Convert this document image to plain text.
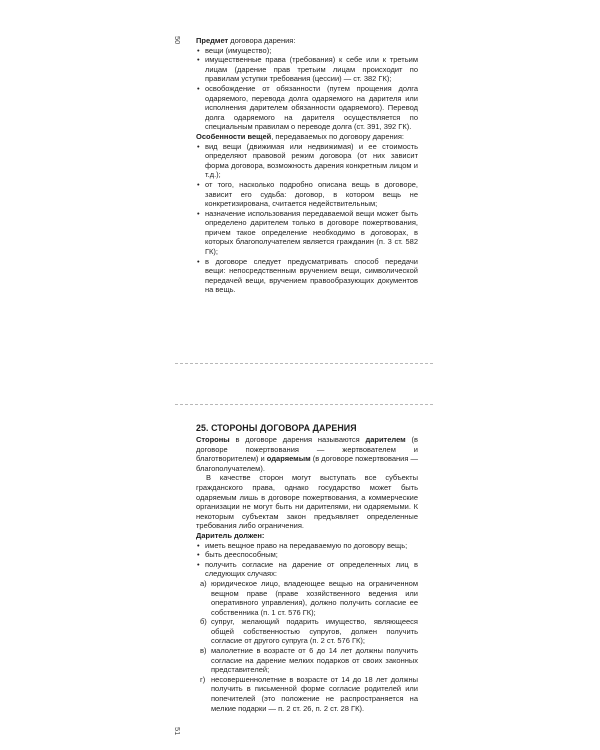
50 Предмет договора дарения:

• вещи (имущество);
• имущественные права (требования) к себе или к третьим лицам (дарение прав третьим лицам происходит по правилам уступки требования (цессии) — ст. 382 ГК);
• освобождение от обязанности (путем прощения долга одаряемого, перевода долга одаряемого на дарителя или исполнения дарителем обязанности одаряемого). Перевод долга одаряемого на дарителя осуществляется по специальным правилам о переводе долга (ст. 391, 392 ГК).

Особенности вещей, передаваемых по договору дарения:

• вид вещи (движимая или недвижимая) и ее стоимость определяют правовой режим договора (от них зависит форма договора, возможность дарения конкретным лицом и т.д.);
• от того, насколько подробно описана вещь в договоре, зависит его судьба: договор, в котором вещь не конкретизирована, считается недействительным;
• назначение использования передаваемой вещи может быть определено дарителем только в договоре пожертвования, причем такое определение необходимо в договорах, в которых благополучателем является гражданин (п. 3 ст. 582 ГК);
• в договоре следует предусматривать способ передачи вещи: непосредственным вручением вещи, символической передачей вещи, вручением правообразующих документов на вещь.

25. СТОРОНЫ ДОГОВОРА ДАРЕНИЯ

Стороны в договоре дарения называются дарителем (в договоре пожертвования — жертвователем и благотворителем) и одаряемым (в договоре пожертвования — благополучателем).

В качестве сторон могут выступать все субъекты гражданского права, однако государство может быть одаряемым лишь в договоре пожертвования, а коммерческие организации не могут быть ни дарителями, ни одаряемыми. К некоторым субъектам закон предъявляет определенные требования либо ограничения.

Даритель должен:

• иметь вещное право на передаваемую по договору вещь;
• быть дееспособным;
• получить согласие на дарение от определенных лиц в следующих случаях:
а) юридическое лицо, владеющее вещью на ограниченном вещном праве (праве хозяйственного ведения или оперативного управления), должно получить согласие ее собственника (п. 1 ст. 576 ГК);
б) супруг, желающий подарить имущество, являющееся общей собственностью супругов, должен получить согласие от другого супруга (п. 2 ст. 576 ГК);
в) малолетние в возрасте от 6 до 14 лет должны получить согласие на дарение мелких подарков от своих законных представителей;
г) несовершеннолетние в возрасте от 14 до 18 лет должны получить в письменной форме согласие родителей или попечителей (это положение не распространяется на мелкие подарки — п. 2 ст. 26, п. 2 ст. 28 ГК).
51
